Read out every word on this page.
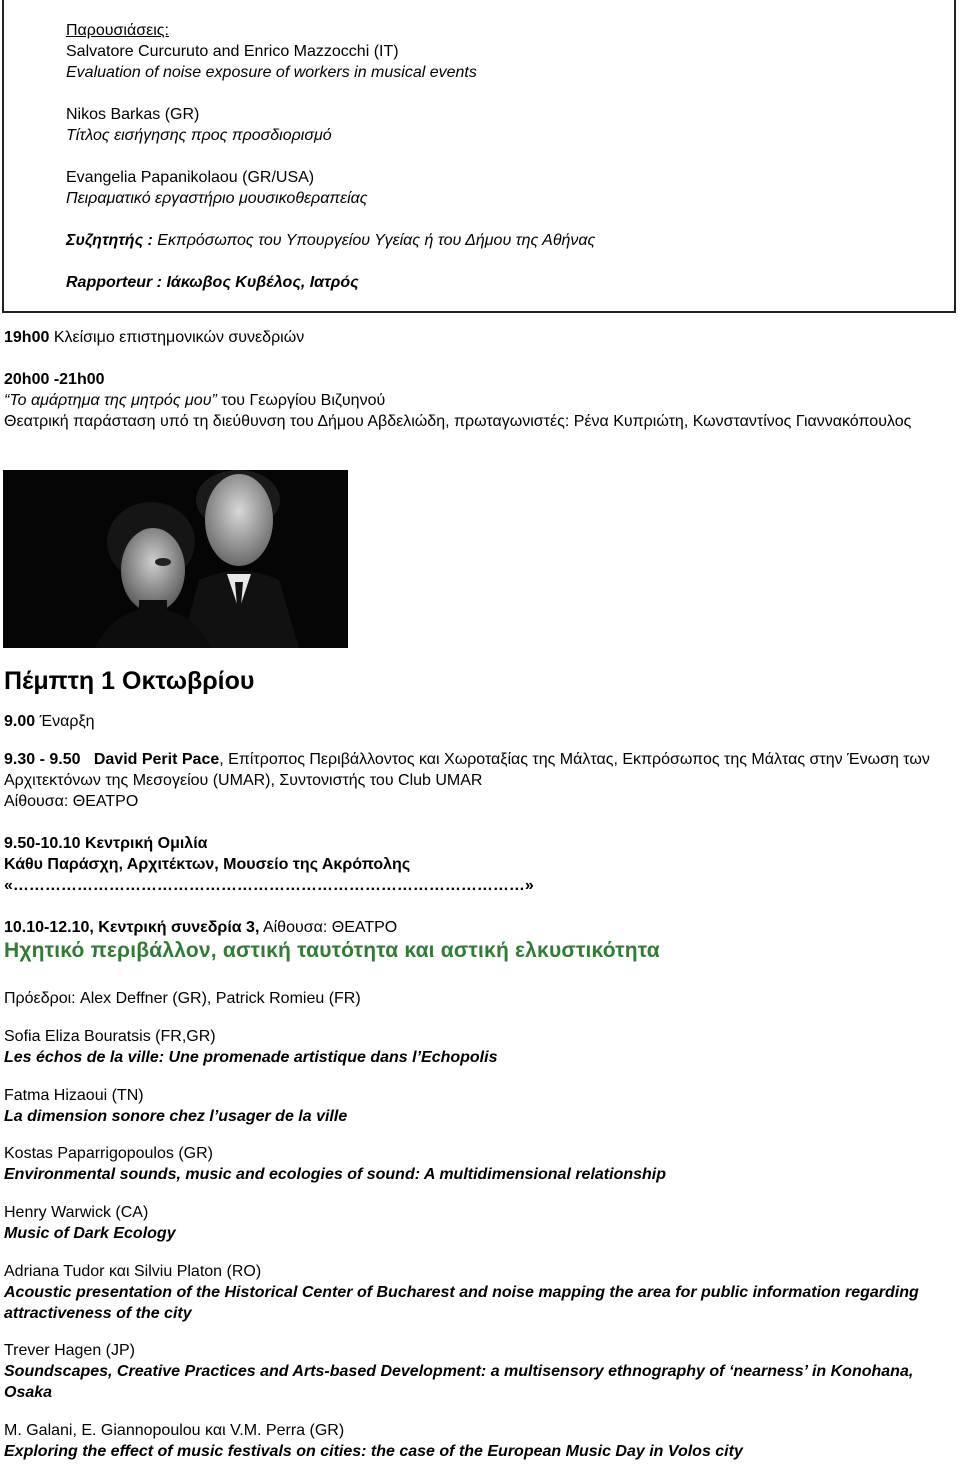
Παρουσιάσεις:
Salvatore Curcuruto and Enrico Mazzocchi (IT)
Evaluation of noise exposure of workers in musical events
Nikos Barkas (GR)
Τίτλος εισήγησης προς προσδιορισμό
Evangelia Papanikolaou (GR/USA)
Πειραματικό εργαστήριο μουσικοθεραπείας
Συζητητής : Εκπρόσωπος του Υπουργείου Υγείας ή του Δήμου της Αθήνας
Rapporteur : Ιάκωβος Κυβέλος, Ιατρός
19h00 Κλείσιμο επιστημονικών συνεδριών
20h00 -21h00
“Το αμάρτημα της μητρός μου” του Γεωργίου Βιζυηνού
Θεατρική παράσταση υπό τη διεύθυνση του Δήμου Αβδελιώδη, πρωταγωνιστές: Ρένα Κυπριώτη, Κωνσταντίνος Γιαννακόπουλος
Πέμπτη 1 Οκτωβρίου
9.00 Έναρξη
9.30 - 9.50 David Perit Pace, Επίτροπος Περιβάλλοντος και Χωροταξίας της Μάλτας, Εκπρόσωπος της Μάλτας στην Ένωση των Αρχιτεκτόνων της Μεσογείου (UMAR), Συντονιστής του Club UMAR
Αίθουσα: ΘΕΑΤΡΟ
9.50-10.10 Κεντρική Ομιλία
Κάθυ Παράσχη, Αρχιτέκτων, Μουσείο της Ακρόπολης
«……………………………………………………………………………………»
10.10-12.10, Κεντρική συνεδρία 3, Αίθουσα: ΘΕΑΤΡΟ
Ηχητικό περιβάλλον, αστική ταυτότητα και αστική ελκυστικότητα
Πρόεδροι: Alex Deffner (GR), Patrick Romieu (FR)
Sofia Eliza Bouratsis (FR,GR)
Les échos de la ville: Une promenade artistique dans l’Echopolis
Fatma Hizaoui (TN)
La dimension sonore chez l’usager de la ville
Kostas Paparrigopoulos (GR)
Environmental sounds, music and ecologies of sound: A multidimensional relationship
Henry Warwick (CA)
Music of Dark Ecology
Adriana Tudor και Silviu Platon (RO)
Acoustic presentation of the Historical Center of Bucharest and noise mapping the area for public information regarding attractiveness of the city
Trever Hagen (JP)
Soundscapes, Creative Practices and Arts-based Development: a multisensory ethnography of ‘nearness’ in Konohana, Osaka
M. Galani, E. Giannopoulou και V.M. Perra (GR)
Exploring the effect of music festivals on cities: the case of the European Music Day in Volos city
